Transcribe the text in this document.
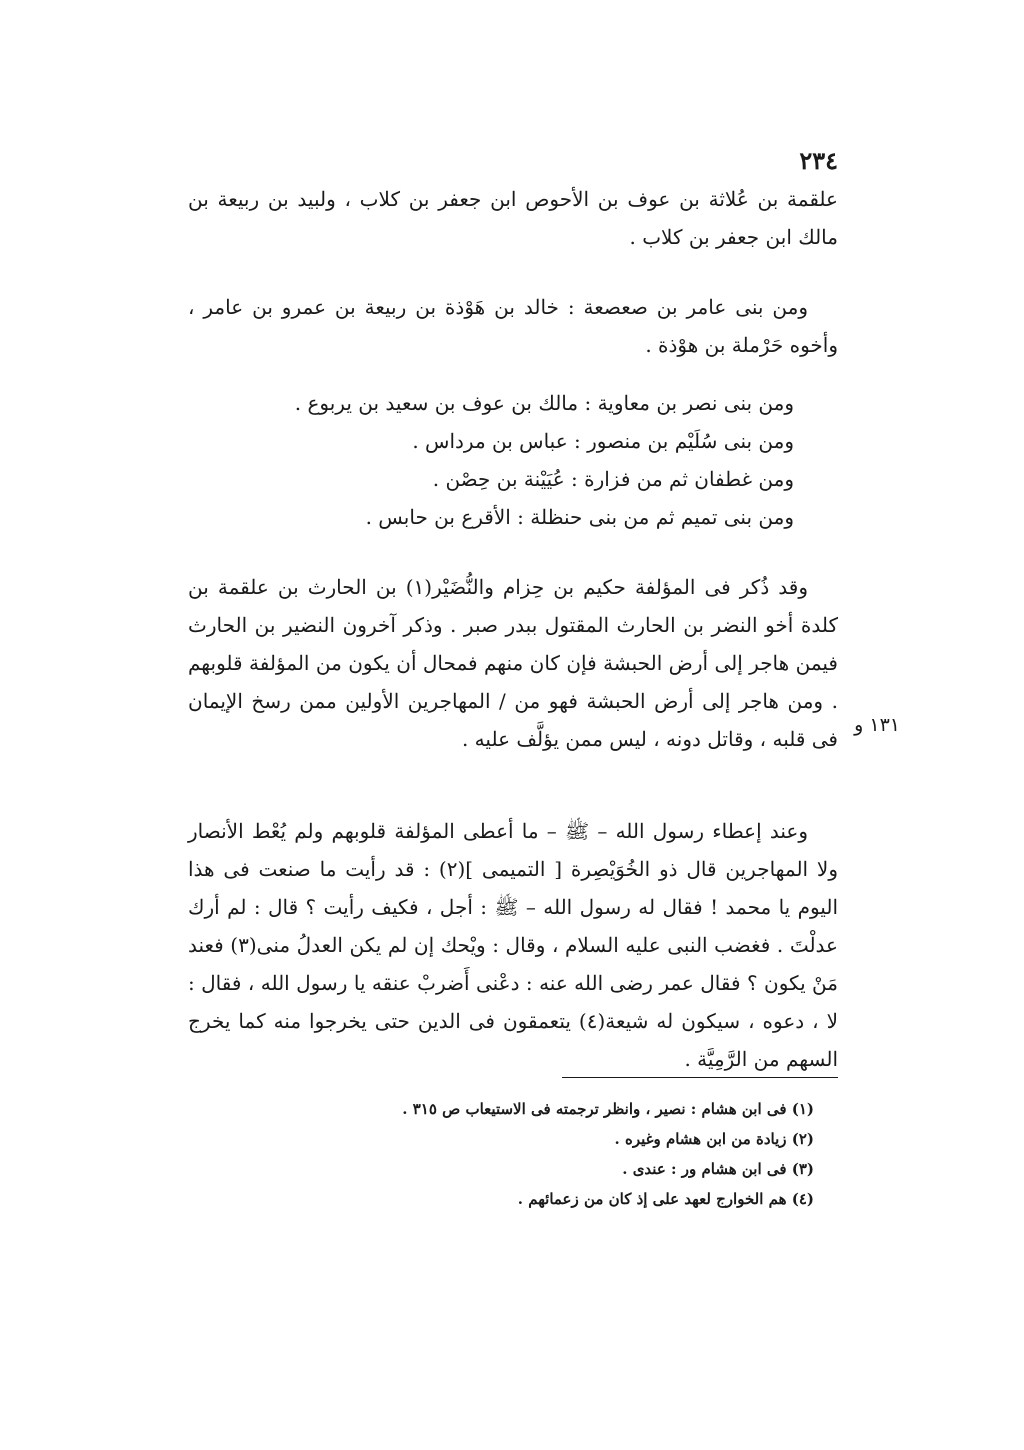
٢٣٤

علقمة بن عُلاثة بن عوف بن الأحوص ابن جعفر بن كلاب ، ولبيد بن ربيعة بن مالك ابن جعفر بن كلاب .

ومن بنى عامر بن صعصعة : خالد بن هَوْذة بن ربيعة بن عمرو بن عامر ، وأخوه حَرْملة بن هوْذة .

ومن بنى نصر بن معاوية : مالك بن عوف بن سعيد بن يربوع .

ومن بنى سُلَيْم بن منصور : عباس بن مرداس .

ومن غطفان ثم من فزارة : عُيَيْنة بن حِصْن .

ومن بنى تميم ثم من بنى حنظلة : الأقرع بن حابس .

وقد ذُكر فى المؤلفة حكيم بن حِزام والنُّضَيْر(١) بن الحارث بن علقمة بن كلدة أخو النضر بن الحارث المقتول ببدر صبر . وذكر آخرون النضير بن الحارث فيمن هاجر إلى أرض الحبشة فإن كان منهم فمحال أن يكون من المؤلفة قلوبهم . ومن هاجر إلى أرض الحبشة فهو من / المهاجرين الأولين ممن رسخ الإيمان فى قلبه ، وقاتل دونه ، ليس ممن يؤلَّف عليه .

١٣١ و

وعند إعطاء رسول الله – ﷺ – ما أعطى المؤلفة قلوبهم ولم يُعْط الأنصار ولا المهاجرين قال ذو الخُوَيْصِرة [ التميمى ](٢) : قد رأيت ما صنعت فى هذا اليوم يا محمد ! فقال له رسول الله – ﷺ : أجل ، فكيف رأيت ؟ قال : لم أرك عدلْتَ . فغضب النبى عليه السلام ، وقال : ويْحك إن لم يكن العدلُ منى(٣) فعند مَنْ يكون ؟ فقال عمر رضى الله عنه : دعْنى أَضربْ عنقه يا رسول الله ، فقال : لا ، دعوه ، سيكون له شيعة(٤) يتعمقون فى الدين حتى يخرجوا منه كما يخرج السهم من الرَّمِيَّة .

(١) فى ابن هشام : نصير ، وانظر ترجمته فى الاستيعاب ص ٣١٥ .
(٢) زيادة من ابن هشام وغيره .
(٣) فى ابن هشام ور : عندى .
(٤) هم الخوارج لعهد على إذ كان من زعمائهم .
